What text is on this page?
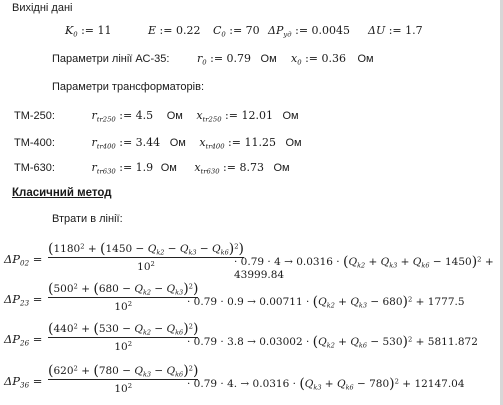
Вихідні дані
$K_0$ := 11	E := 0.22 $C_0$ := 70 $\Delta P_{уд}$ := 0.0045 ΔU := 1.7
Параметри лінії АС-35:	$r_0$ := 0.79 Ом $x_0$ := 0.36 Ом
Параметри трансформаторів:
ТМ-250:	$r_{tr250}$ := 4.5 Ом $x_{tr250}$ := 12.01 Ом
ТМ-400:	$r_{tr400}$ := 3.44 Ом $x_{tr400}$ := 11.25 Ом
ТМ-630:	$r_{tr630}$ := 1.9 Ом $x_{tr630}$ := 8.73 Ом
Класичний метод
Втрати в лінії:
$\Delta P_{02}$ =
$(1180^2 + (1450 - Q_{k2} - Q_{k3} - Q_{k6})^2)$
$10^2$	· $0.79 \cdot 4 \to 0.0316 \cdot (Q_{k2} + Q_{k3} + Q_{k6} - 1450)^2 + 43999.84$
$\Delta P_{23}$ =
$(500^2 + (680 - Q_{k2} - Q_{k3})^2)$
$10^2$	· $0.79 \cdot 0.9 \to 0.00711 \cdot (Q_{k2} + Q_{k3} - 680)^2 + 1777.5$
$\Delta P_{26}$ =
$(440^2 + (530 - Q_{k2} - Q_{k6})^2)$
$10^2$	· $0.79 \cdot 3.8 \to 0.03002 \cdot (Q_{k2} + Q_{k6} - 530)^2 + 5811.872$
$\Delta P_{36}$ =
$(620^2 + (780 - Q_{k3} - Q_{k6})^2)$
$10^2$	· 0.79 · 4. → $0.0316 \cdot (Q_{k3} + Q_{k6} - 780)^2 + 12147.04$
